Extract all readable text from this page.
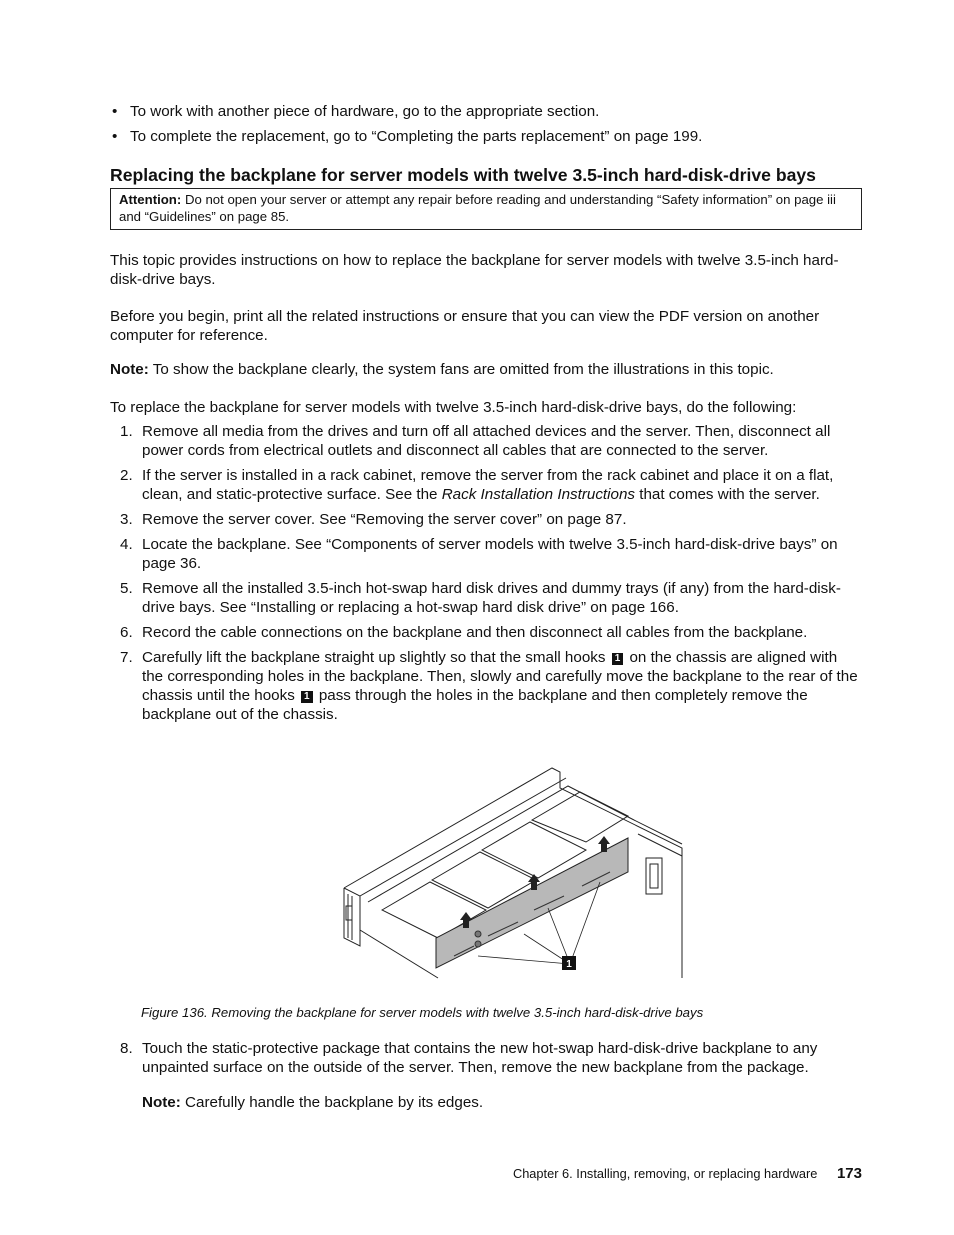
• To work with another piece of hardware, go to the appropriate section.
• To complete the replacement, go to “Completing the parts replacement” on page 199.
Replacing the backplane for server models with twelve 3.5-inch hard-disk-drive bays
Attention: Do not open your server or attempt any repair before reading and understanding “Safety information” on page iii and “Guidelines” on page 85.
This topic provides instructions on how to replace the backplane for server models with twelve 3.5-inch hard-disk-drive bays.
Before you begin, print all the related instructions or ensure that you can view the PDF version on another computer for reference.
Note: To show the backplane clearly, the system fans are omitted from the illustrations in this topic.
To replace the backplane for server models with twelve 3.5-inch hard-disk-drive bays, do the following:
1. Remove all media from the drives and turn off all attached devices and the server. Then, disconnect all power cords from electrical outlets and disconnect all cables that are connected to the server.
2. If the server is installed in a rack cabinet, remove the server from the rack cabinet and place it on a flat, clean, and static-protective surface. See the Rack Installation Instructions that comes with the server.
3. Remove the server cover. See “Removing the server cover” on page 87.
4. Locate the backplane. See “Components of server models with twelve 3.5-inch hard-disk-drive bays” on page 36.
5. Remove all the installed 3.5-inch hot-swap hard disk drives and dummy trays (if any) from the hard-disk-drive bays. See “Installing or replacing a hot-swap hard disk drive” on page 166.
6. Record the cable connections on the backplane and then disconnect all cables from the backplane.
7. Carefully lift the backplane straight up slightly so that the small hooks 1 on the chassis are aligned with the corresponding holes in the backplane. Then, slowly and carefully move the backplane to the rear of the chassis until the hooks 1 pass through the holes in the backplane and then completely remove the backplane out of the chassis.
1
Figure 136. Removing the backplane for server models with twelve 3.5-inch hard-disk-drive bays
8. Touch the static-protective package that contains the new hot-swap hard-disk-drive backplane to any unpainted surface on the outside of the server. Then, remove the new backplane from the package.
Note: Carefully handle the backplane by its edges.
Chapter 6. Installing, removing, or replacing hardware 173
